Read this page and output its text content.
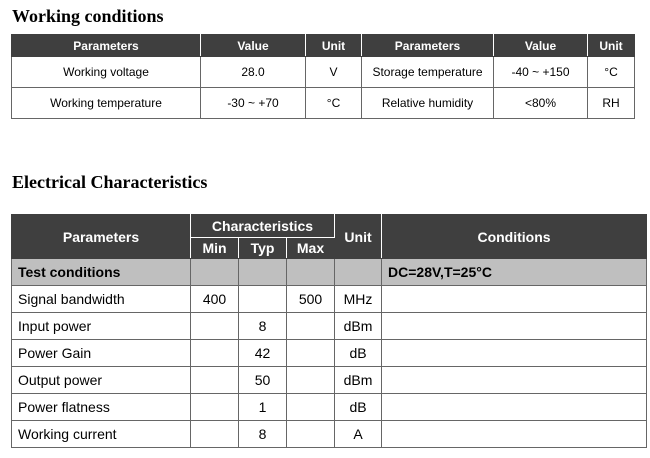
Working conditions
Parameters	Value	Unit	Parameters	Value	Unit
Working voltage	28.0	V	Storage temperature	-40 ~ +150	°C
Working temperature	-30 ~ +70	°C	Relative humidity	<80%	RH
Electrical Characteristics
Parameters	Characteristics			Unit	Conditions
	Min	Typ	Max		
Test conditions					DC=28V,T=25°C
Signal bandwidth	400		500	MHz	
Input power		8		dBm	
Power Gain		42		dB	
Output power		50		dBm	
Power flatness		1		dB	
Working current		8		A	
